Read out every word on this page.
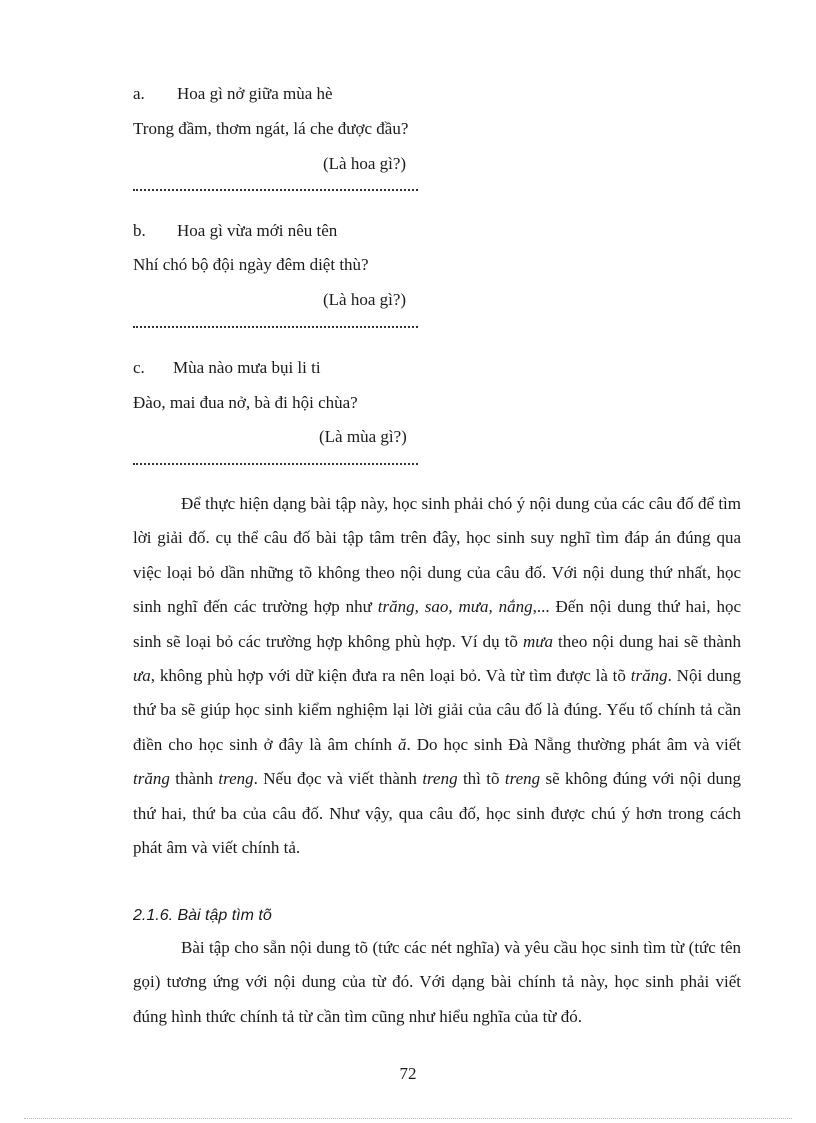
a. Hoa gì nở giữa mùa hè
Trong đầm, thơm ngát, lá che được đầu?
(Là hoa gì?)
b. Hoa gì vừa mới nêu tên
Nhí chó bộ đội ngày đêm diệt thù?
(Là hoa gì?)
c. Mùa nào mưa bụi li ti
Đào, mai đua nở, bà đi hội chùa?
(Là mùa gì?)

Để thực hiện dạng bài tập này, học sinh phải chó ý nội dung của các câu đố để tìm lời giải đố. cụ thể câu đố bài tập tâm trên đây, học sinh suy nghĩ tìm đáp án đúng qua việc loại bỏ dần những tõ không theo nội dung của câu đố. Với nội dung thứ nhất, học sinh nghĩ đến các trường hợp như trăng, sao, mưa, nắng,... Đến nội dung thứ hai, học sinh sẽ loại bỏ các trường hợp không phù hợp. Ví dụ tõ mưa theo nội dung hai sẽ thành ưa, không phù hợp với dữ kiện đưa ra nên loại bỏ. Và từ tìm được là tõ trăng. Nội dung thứ ba sẽ giúp học sinh kiểm nghiệm lại lời giải của câu đố là đúng. Yếu tố chính tả cần điền cho học sinh ở đây là âm chính ă. Do học sinh Đà Nẵng thường phát âm và viết trăng thành treng. Nếu đọc và viết thành treng thì tõ treng sẽ không đúng với nội dung thứ hai, thứ ba của câu đố. Như vậy, qua câu đố, học sinh được chú ý hơn trong cách phát âm và viết chính tả.

2.1.6. Bài tập tìm tõ

Bài tập cho sẵn nội dung tõ (tức các nét nghĩa) và yêu cầu học sinh tìm từ (tức tên gọi) tương ứng với nội dung của từ đó. Với dạng bài chính tả này, học sinh phải viết đúng hình thức chính tả từ cần tìm cũng như hiểu nghĩa của từ đó.

72
